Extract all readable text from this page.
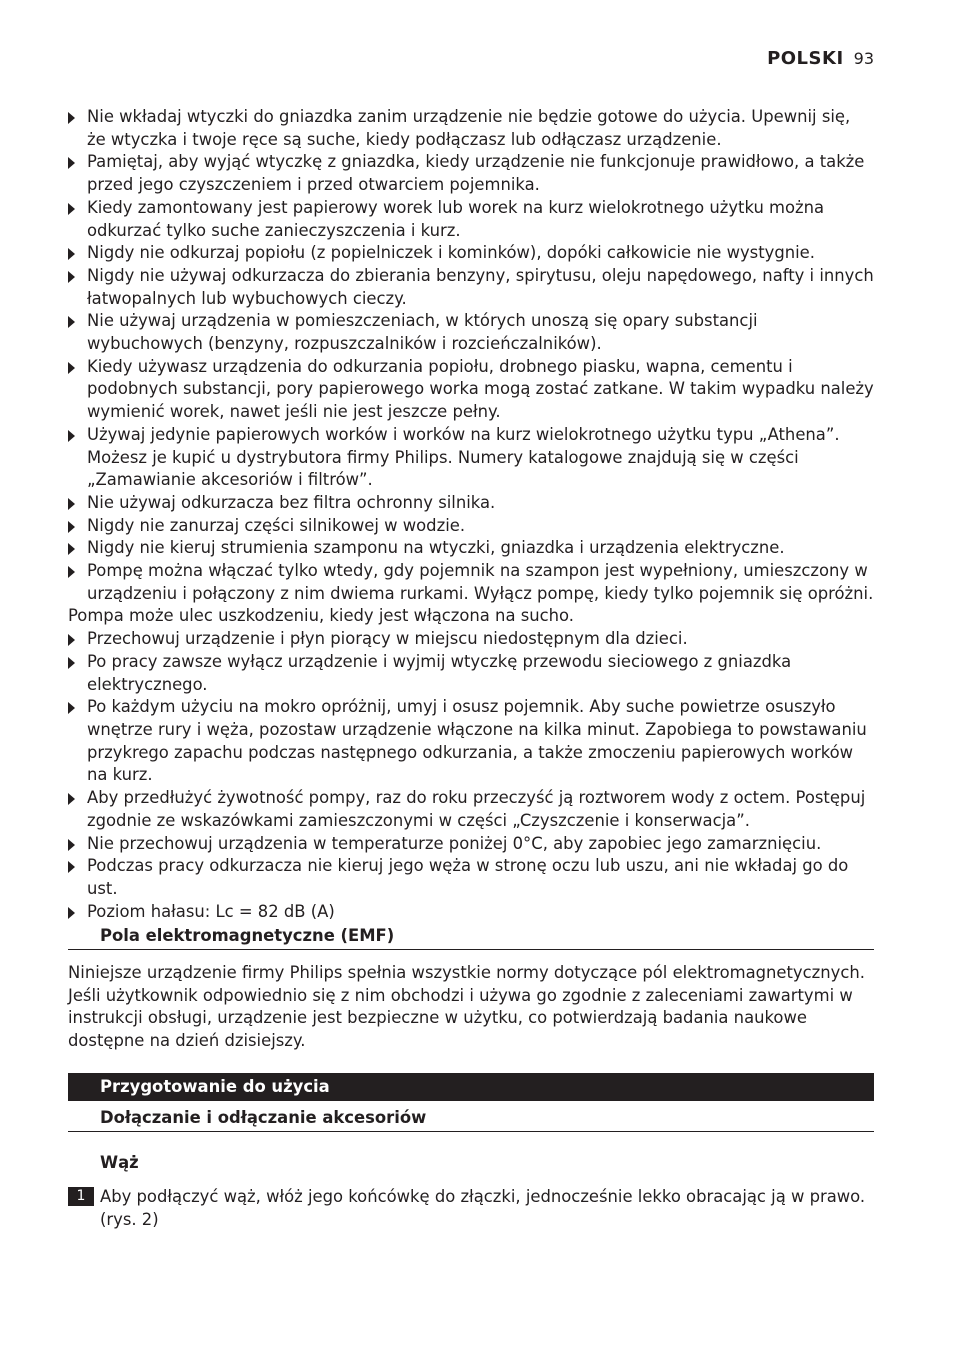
POLSKI 93
Nie wkładaj wtyczki do gniazdka zanim urządzenie nie będzie gotowe do użycia. Upewnij się, że wtyczka i twoje ręce są suche, kiedy podłączasz lub odłączasz urządzenie.
Pamiętaj, aby wyjąć wtyczkę z gniazdka, kiedy urządzenie nie funkcjonuje prawidłowo, a także przed jego czyszczeniem i przed otwarciem pojemnika.
Kiedy zamontowany jest papierowy worek lub worek na kurz wielokrotnego użytku można odkurzać tylko suche zanieczyszczenia i kurz.
Nigdy nie odkurzaj popiołu (z popielniczek i kominków), dopóki całkowicie nie wystygnie.
Nigdy nie używaj odkurzacza do zbierania benzyny, spirytusu, oleju napędowego, nafty i innych łatwopalnych lub wybuchowych cieczy.
Nie używaj urządzenia w pomieszczeniach, w których unoszą się opary substancji wybuchowych (benzyny, rozpuszczalników i rozcieńczalników).
Kiedy używasz urządzenia do odkurzania popiołu, drobnego piasku, wapna, cementu i podobnych substancji, pory papierowego worka mogą zostać zatkane. W takim wypadku należy wymienić worek, nawet jeśli nie jest jeszcze pełny.
Używaj jedynie papierowych worków i worków na kurz wielokrotnego użytku typu „Athena”. Możesz je kupić u dystrybutora firmy Philips. Numery katalogowe znajdują się w części „Zamawianie akcesoriów i filtrów”.
Nie używaj odkurzacza bez filtra ochronny silnika.
Nigdy nie zanurzaj części silnikowej w wodzie.
Nigdy nie kieruj strumienia szamponu na wtyczki, gniazdka i urządzenia elektryczne.
Pompę można włączać tylko wtedy, gdy pojemnik na szampon jest wypełniony, umieszczony w urządzeniu i połączony z nim dwiema rurkami. Wyłącz pompę, kiedy tylko pojemnik się opróżni.

Pompa może ulec uszkodzeniu, kiedy jest włączona na sucho.

Przechowuj urządzenie i płyn piorący w miejscu niedostępnym dla dzieci.
Po pracy zawsze wyłącz urządzenie i wyjmij wtyczkę przewodu sieciowego z gniazdka elektrycznego.
Po każdym użyciu na mokro opróżnij, umyj i osusz pojemnik. Aby suche powietrze osuszyło wnętrze rury i węża, pozostaw urządzenie włączone na kilka minut. Zapobiega to powstawaniu przykrego zapachu podczas następnego odkurzania, a także zmoczeniu papierowych worków na kurz.
Aby przedłużyć żywotność pompy, raz do roku przeczyść ją roztworem wody z octem. Postępuj zgodnie ze wskazówkami zamieszczonymi w części „Czyszczenie i konserwacja”.
Nie przechowuj urządzenia w temperaturze poniżej 0°C, aby zapobiec jego zamarznięciu.
Podczas pracy odkurzacza nie kieruj jego węża w stronę oczu lub uszu, ani nie wkładaj go do ust.
Poziom hałasu: Lc = 82 dB (A)
Pola elektromagnetyczne (EMF)

Niniejsze urządzenie firmy Philips spełnia wszystkie normy dotyczące pól elektromagnetycznych. Jeśli użytkownik odpowiednio się z nim obchodzi i używa go zgodnie z zaleceniami zawartymi w instrukcji obsługi, urządzenie jest bezpieczne w użytku, co potwierdzają badania naukowe dostępne na dzień dzisiejszy.

Przygotowanie do użycia
Dołączanie i odłączanie akcesoriów
Wąż
1 Aby podłączyć wąż, włóż jego końcówkę do złączki, jednocześnie lekko obracając ją w prawo. (rys. 2)
